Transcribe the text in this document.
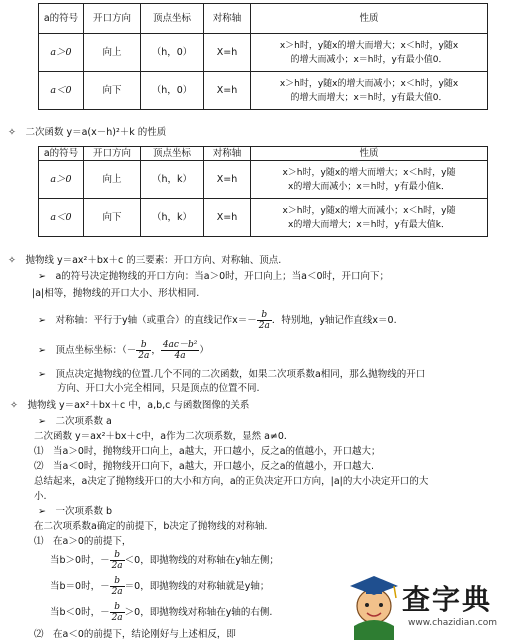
a的符号	开口方向	顶点坐标	对称轴	性质
a＞0	向上	（h，0）	X=h	x＞h时，y随x的增大而增大；x＜h时，y随x
的增大而减小；x＝h时，y有最小值0．
a＜0	向下	（h，0）	X=h	x＞h时，y随x的增大而减小；x＜h时，y随x
的增大而增大；x＝h时，y有最大值0．
✧　二次函数 y＝a(x－h)²＋k 的性质
a的符号	开口方向	顶点坐标	对称轴	性质
a＞0	向上	（h，k）	X=h	x＞h时，y随x的增大而增大；x＜h时，y随
x的增大而减小；x＝h时，y有最小值k．
a＜0	向下	（h，k）	X=h	x＞h时，y随x的增大而减小；x＜h时，y随
x的增大而增大；x＝h时，y有最大值k．
✧　抛物线 y＝ax²＋bx＋c 的三要素：开口方向、对称轴、顶点.
➢　a的符号决定抛物线的开口方向：当a＞0时，开口向上；当a＜0时，开口向下；
|a|相等，抛物线的开口大小、形状相同.
➢　对称轴：平行于y轴（或重合）的直线记作$x=- \frac{b}{2a}$ ．特别地，y轴记作直线x＝0.
➢　顶点坐标坐标：（－ $\frac{b}{2a}$ ， $\frac{\text{4ac－b²}}{4a}$ ）
➢　顶点决定抛物线的位置.几个不同的二次函数，如果二次项系数a相同，那么抛物线的开口
方向、开口大小完全相同，只是顶点的位置不同.
✧　抛物线 y＝ax²＋bx＋c 中，a,b,c 与函数图像的关系
➢　二次项系数 a
二次函数 y＝ax²＋bx＋c中，a作为二次项系数，显然 a≠0．
⑴　当a＞0时，抛物线开口向上，a越大，开口越小，反之a的值越小，开口越大；
⑵　当a＜0时，抛物线开口向下，a越大，开口越小，反之a的值越小，开口越大.
总结起来，a决定了抛物线开口的大小和方向，a的正负决定开口方向，|a|的大小决定开口的大
小.
➢　一次项系数 b
在二次项系数a确定的前提下，b决定了抛物线的对称轴.
⑴　在a＞0的前提下，
当b＞0时，－ $\frac{b}{2a} <0$，即抛物线的对称轴在y轴左侧；
当b＝0时，－ $\frac{b}{2a} =0$，即抛物线的对称轴就是y轴；
当b＜0时，－ $\frac{b}{2a} >0$，即抛物线对称轴在y轴的右侧.
⑵　在a＜0的前提下，结论刚好与上述相反，即
查字典
www.chazidian.com
